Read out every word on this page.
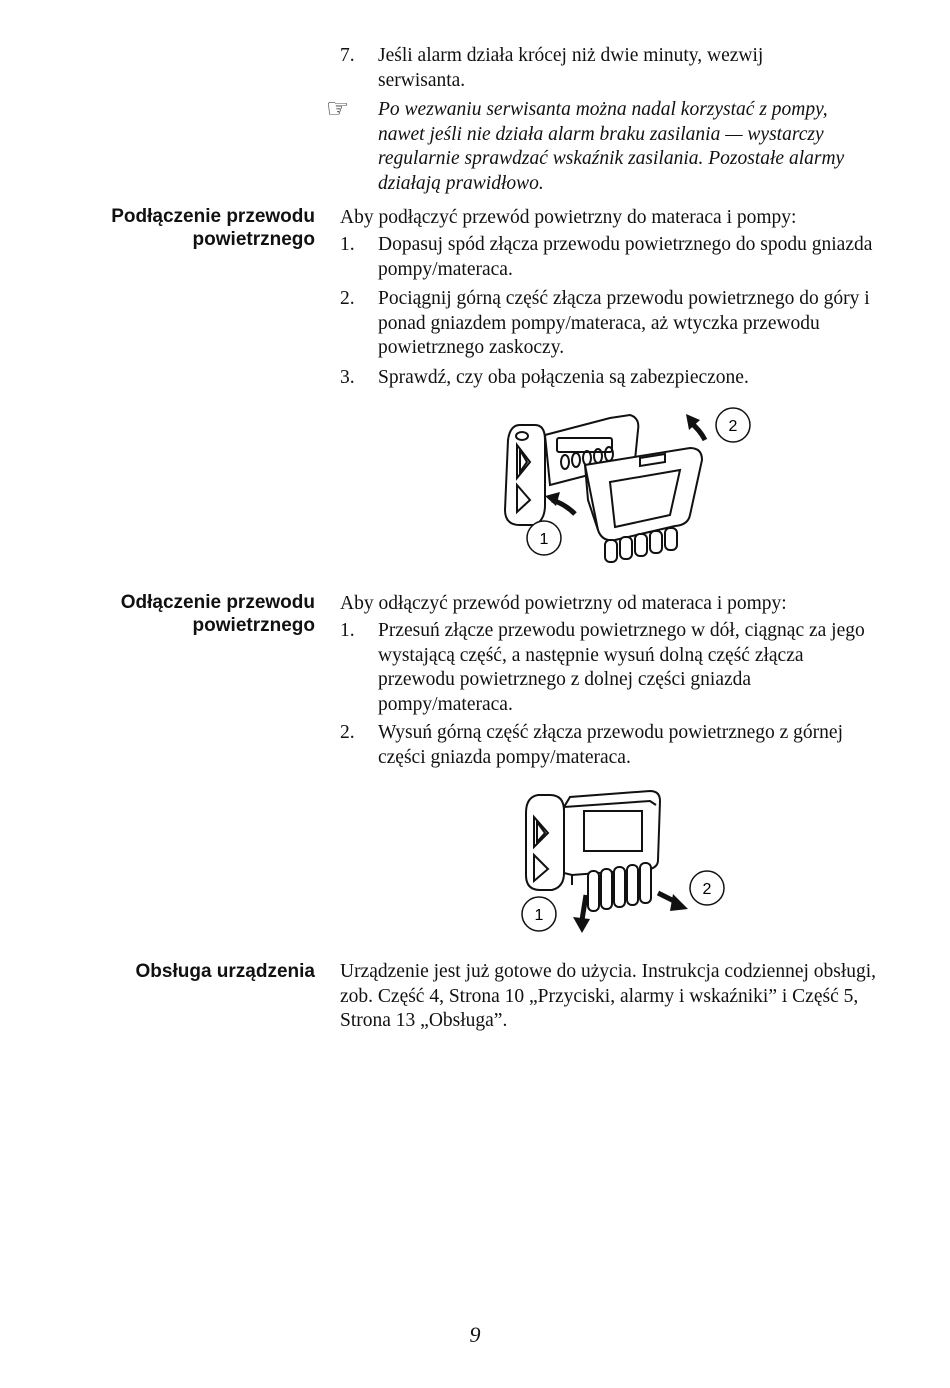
7. Jeśli alarm działa krócej niż dwie minuty, wezwij serwisanta.
☞ Po wezwaniu serwisanta można nadal korzystać z pompy, nawet jeśli nie działa alarm braku zasilania — wystarczy regularnie sprawdzać wskaźnik zasilania. Pozostałe alarmy działają prawidłowo.
Podłączenie przewodu
powietrznego
Aby podłączyć przewód powietrzny do materaca i pompy:
1. Dopasuj spód złącza przewodu powietrznego do spodu gniazda pompy/materaca.
2. Pociągnij górną część złącza przewodu powietrznego do góry i ponad gniazdem pompy/materaca, aż wtyczka przewodu powietrznego zaskoczy.
3. Sprawdź, czy oba połączenia są zabezpieczone.
1
2
Odłączenie przewodu
powietrznego
Aby odłączyć przewód powietrzny od materaca i pompy:
1. Przesuń złącze przewodu powietrznego w dół, ciągnąc za jego wystającą część, a następnie wysuń dolną część złącza przewodu powietrznego z dolnej części gniazda pompy/materaca.
2. Wysuń górną część złącza przewodu powietrznego z górnej części gniazda pompy/materaca.
1
2
Obsługa urządzenia Urządzenie jest już gotowe do użycia. Instrukcja codziennej obsługi, zob. Część 4, Strona 10 „Przyciski, alarmy i wskaźniki” i Część 5, Strona 13 „Obsługa”.
9
